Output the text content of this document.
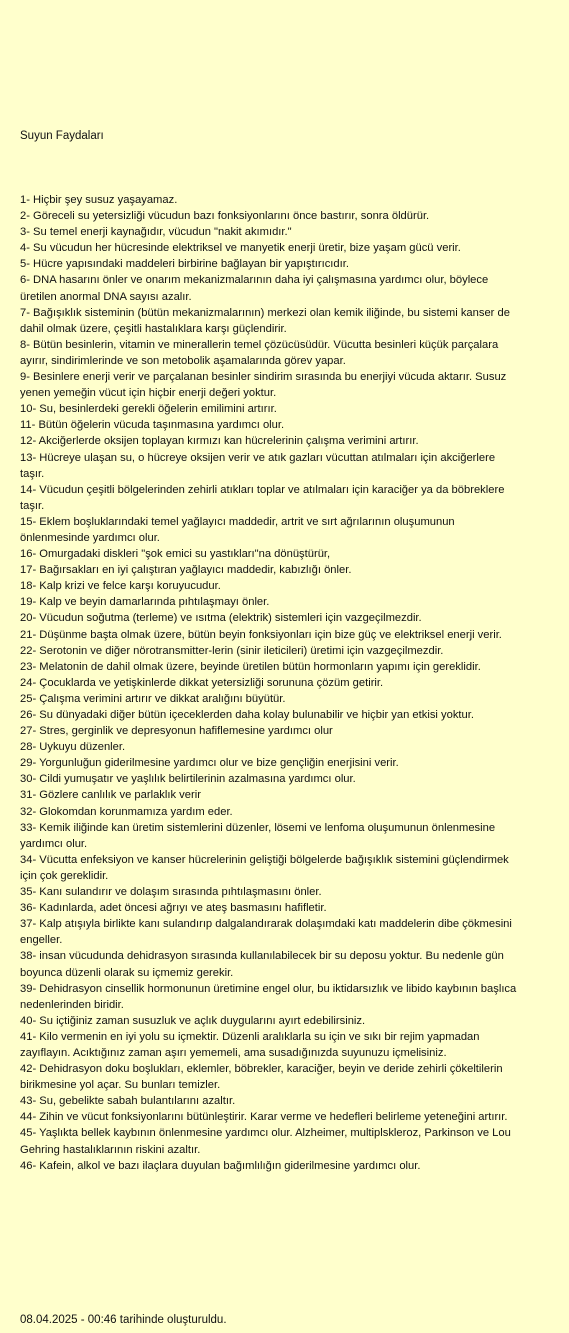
Suyun Faydaları
1- Hiçbir şey susuz yaşayamaz.
2- Göreceli su yetersizliği vücudun bazı fonksiyonlarını önce bastırır, sonra öldürür.
3- Su temel enerji kaynağıdır, vücudun "nakit akımıdır."
4- Su vücudun her hücresinde elektriksel ve manyetik enerji üretir, bize yaşam gücü verir.
5- Hücre yapısındaki maddeleri birbirine bağlayan bir yapıştırıcıdır.
6- DNA hasarını önler ve onarım mekanizmalarının daha iyi çalışmasına yardımcı olur, böylece üretilen anormal DNA sayısı azalır.
7- Bağışıklık sisteminin (bütün mekanizmalarının) merkezi olan kemik iliğinde, bu sistemi kanser de dahil olmak üzere, çeşitli hastalıklara karşı güçlendirir.
8- Bütün besinlerin, vitamin ve minerallerin temel çözücüsüdür. Vücutta besinleri küçük parçalara ayırır, sindirimlerinde ve son metobolik aşamalarında görev yapar.
9- Besinlere enerji verir ve parçalanan besinler sindirim sırasında bu enerjiyi vücuda aktarır. Susuz yenen yemeğin vücut için hiçbir enerji değeri yoktur.
10- Su, besinlerdeki gerekli öğelerin emilimini artırır.
11- Bütün öğelerin vücuda taşınmasına yardımcı olur.
12- Akciğerlerde oksijen toplayan kırmızı kan hücrelerinin çalışma verimini artırır.
13- Hücreye ulaşan su, o hücreye oksijen verir ve atık gazları vücuttan atılmaları için akciğerlere taşır.
14- Vücudun çeşitli bölgelerinden zehirli atıkları toplar ve atılmaları için karaciğer ya da böbreklere taşır.
15- Eklem boşluklarındaki temel yağlayıcı maddedir, artrit ve sırt ağrılarının oluşumunun önlenmesinde yardımcı olur.
16- Omurgadaki diskleri "şok emici su yastıkları"na dönüştürür,
17- Bağırsakları en iyi çalıştıran yağlayıcı maddedir, kabızlığı önler.
18- Kalp krizi ve felce karşı koruyucudur.
19- Kalp ve beyin damarlarında pıhtılaşmayı önler.
20- Vücudun soğutma (terleme) ve ısıtma (elektrik) sistemleri için vazgeçilmezdir.
21- Düşünme başta olmak üzere, bütün beyin fonksiyonları için bize güç ve elektriksel enerji verir.
22- Serotonin ve diğer nörotransmitter-lerin (sinir ileticileri) üretimi için vazgeçilmezdir.
23- Melatonin de dahil olmak üzere, beyinde üretilen bütün hormonların yapımı için gereklidir.
24- Çocuklarda ve yetişkinlerde dikkat yetersizliği sorununa çözüm getirir.
25- Çalışma verimini artırır ve dikkat aralığını büyütür.
26- Su dünyadaki diğer bütün içeceklerden daha kolay bulunabilir ve hiçbir yan etkisi yoktur.
27- Stres, gerginlik ve depresyonun hafiflemesine yardımcı olur
28- Uykuyu düzenler.
29- Yorgunluğun giderilmesine yardımcı olur ve bize gençliğin enerjisini verir.
30- Cildi yumuşatır ve yaşlılık belirtilerinin azalmasına yardımcı olur.
31- Gözlere canlılık ve parlaklık verir
32- Glokomdan korunmamıza yardım eder.
33- Kemik iliğinde kan üretim sistemlerini düzenler, lösemi ve lenfoma oluşumunun önlenmesine yardımcı olur.
34- Vücutta enfeksiyon ve kanser hücrelerinin geliştiği bölgelerde bağışıklık sistemini güçlendirmek için çok gereklidir.
35- Kanı sulandırır ve dolaşım sırasında pıhtılaşmasını önler.
36- Kadınlarda, adet öncesi ağrıyı ve ateş basmasını hafifletir.
37- Kalp atışıyla birlikte kanı sulandırıp dalgalandırarak dolaşımdaki katı maddelerin dibe çökmesini engeller.
38- insan vücudunda dehidrasyon sırasında kullanılabilecek bir su deposu yoktur. Bu nedenle gün boyunca düzenli olarak su içmemiz gerekir.
39- Dehidrasyon cinsellik hormonunun üretimine engel olur, bu iktidarsızlık ve libido kaybının başlıca nedenlerinden biridir.
40- Su içtiğiniz zaman susuzluk ve açlık duygularını ayırt edebilirsiniz.
41- Kilo vermenin en iyi yolu su içmektir. Düzenli aralıklarla su için ve sıkı bir rejim yapmadan zayıflayın. Acıktığınız zaman aşırı yememeli, ama susadığınızda suyunuzu içmelisiniz.
42- Dehidrasyon doku boşlukları, eklemler, böbrekler, karaciğer, beyin ve deride zehirli çökeltilerin birikmesine yol açar. Su bunları temizler.
43- Su, gebelikte sabah bulantılarını azaltır.
44- Zihin ve vücut fonksiyonlarını bütünleştirir. Karar verme ve hedefleri belirleme yeteneğini artırır.
45- Yaşlıkta bellek kaybının önlenmesine yardımcı olur. Alzheimer, multiplskleroz, Parkinson ve Lou Gehring hastalıklarının riskini azaltır.
46- Kafein, alkol ve bazı ilaçlara duyulan bağımlılığın giderilmesine yardımcı olur.
08.04.2025 - 00:46 tarihinde oluşturuldu.
